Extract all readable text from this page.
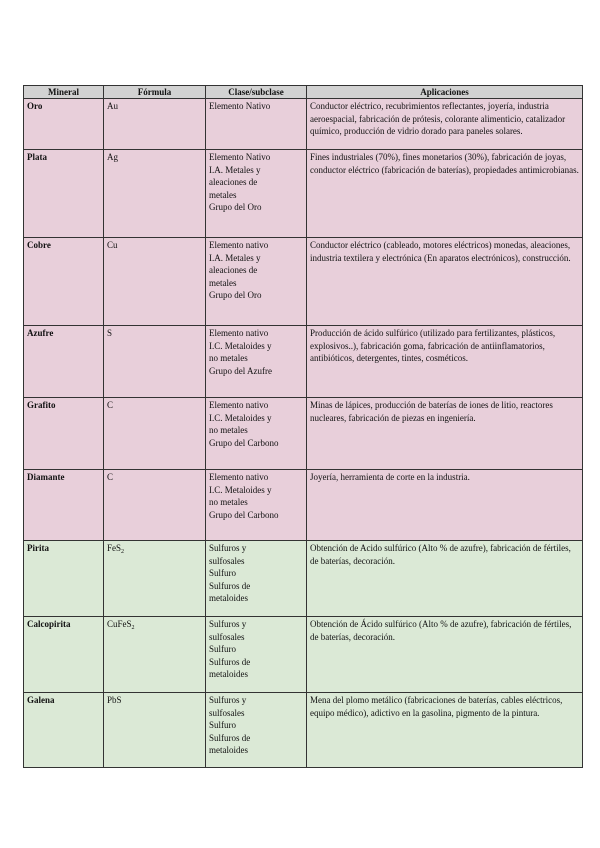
Mineral	Fórmula	Clase/subclase	Aplicaciones
Oro	Au	Elemento Nativo	Conductor eléctrico, recubrimientos reflectantes, joyería, industria aeroespacial, fabricación de prótesis, colorante alimenticio, catalizador químico, producción de vidrio dorado para paneles solares.
Plata	Ag	Elemento Nativo
I.A. Metales y
aleaciones de
metales
Grupo del Oro	Fines industriales (70%), fines monetarios (30%), fabricación de joyas, conductor eléctrico (fabricación de baterías), propiedades antimicrobianas.
Cobre	Cu	Elemento nativo
I.A. Metales y
aleaciones de
metales
Grupo del Oro	Conductor eléctrico (cableado, motores eléctricos) monedas, aleaciones, industria textilera y electrónica (En aparatos electrónicos), construcción.
Azufre	S	Elemento nativo
I.C. Metaloides y
no metales
Grupo del Azufre	Producción de ácido sulfúrico (utilizado para fertilizantes, plásticos, explosivos..), fabricación goma, fabricación de antiinflamatorios, antibióticos, detergentes, tintes, cosméticos.
Grafito	C	Elemento nativo
I.C. Metaloides y
no metales
Grupo del Carbono	Minas de lápices, producción de baterías de iones de litio, reactores nucleares, fabricación de piezas en ingeniería.
Diamante	C	Elemento nativo
I.C. Metaloides y
no metales
Grupo del Carbono	Joyería, herramienta de corte en la industria.
Pirita	FeS$_2$	Sulfuros y
sulfosales
Sulfuro
Sulfuros de
metaloides	Obtención de Acido sulfúrico (Alto % de azufre), fabricación de fértiles, de baterías, decoración.
Calcopirita	CuFeS$_2$	Sulfuros y
sulfosales
Sulfuro
Sulfuros de
metaloides	Obtención de Ácido sulfúrico (Alto % de azufre), fabricación de fértiles, de baterías, decoración.
Galena	PbS	Sulfuros y
sulfosales
Sulfuro
Sulfuros de
metaloides	Mena del plomo metálico (fabricaciones de baterías, cables eléctricos, equipo médico), adictivo en la gasolina, pigmento de la pintura.
